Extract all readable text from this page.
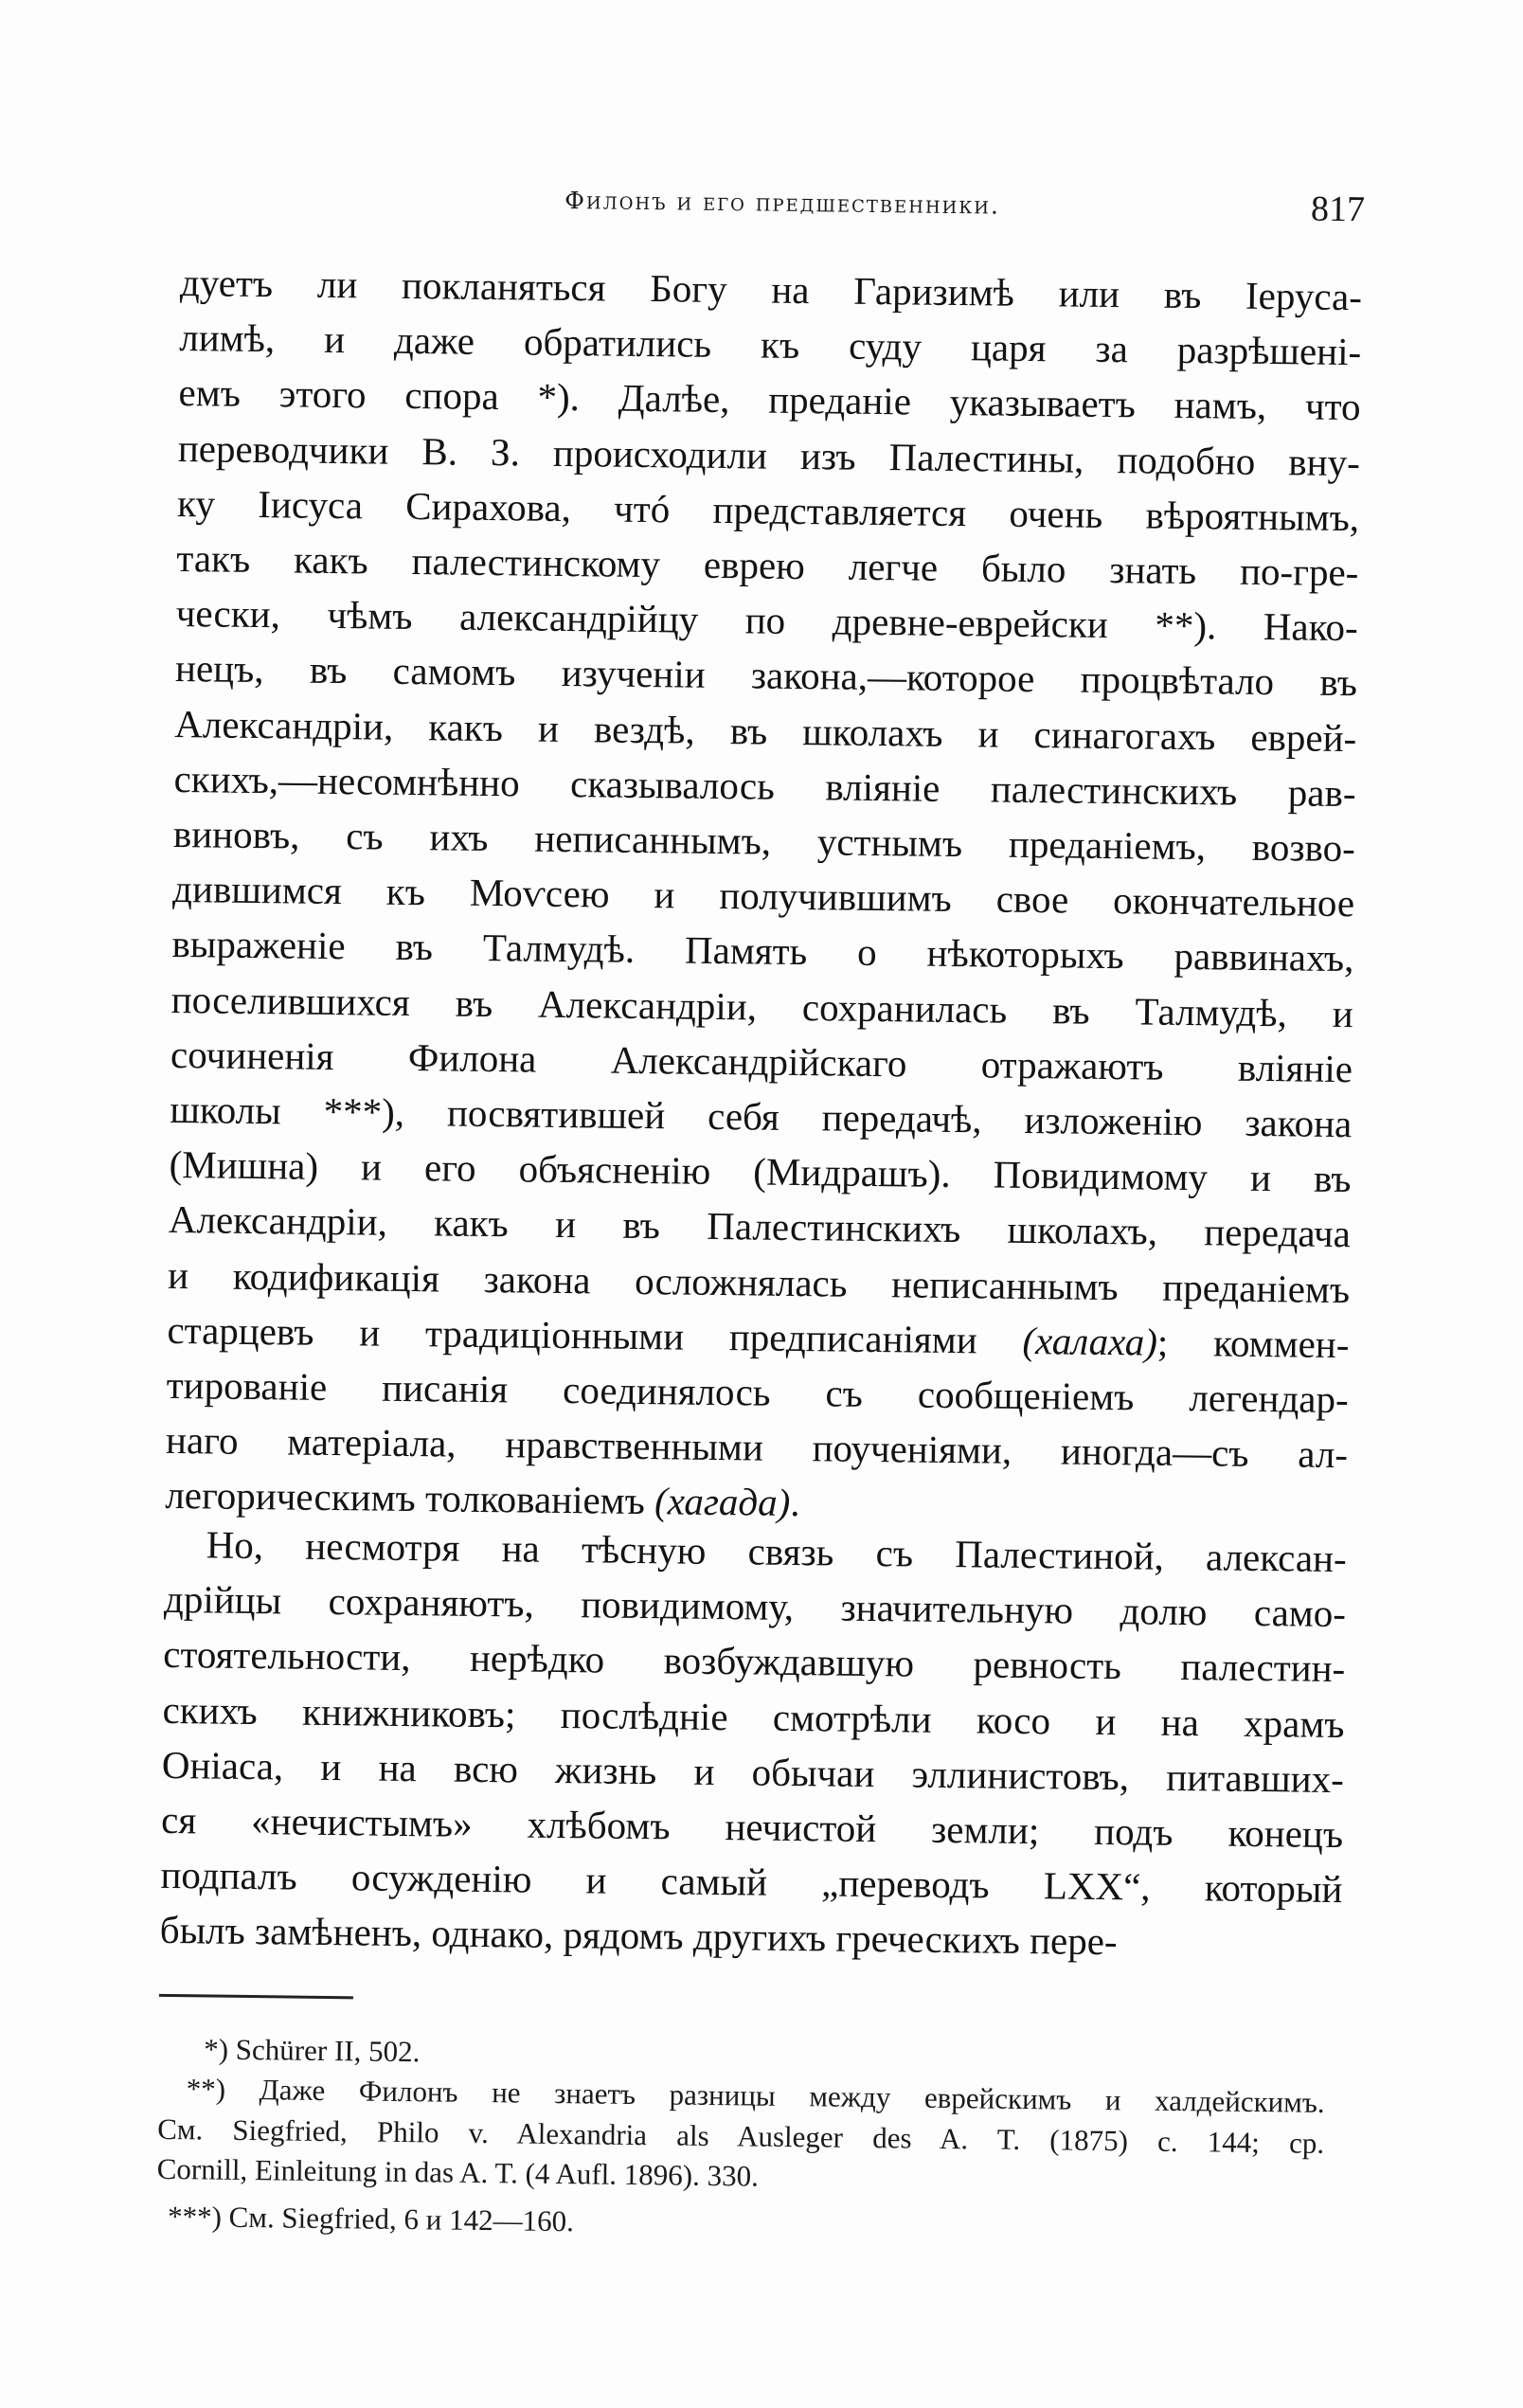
Филонъ и его предшественники.	817
дуетъ ли покланяться Богу на Гаризимѣ или въ Іеруса-
лимѣ, и даже обратились къ суду царя за разрѣшені-
емъ этого спора *). Далѣе, преданіе указываетъ намъ, что
переводчики В. З. происходили изъ Палестины, подобно вну-
ку Іисуса Сирахова, чтó представляется очень вѣроятнымъ,
такъ какъ палестинскому еврею легче было знать по-гре-
чески, чѣмъ александрійцу по древне-еврейски **). Нако-
нецъ, въ самомъ изученіи закона,—которое процвѣтало въ
Александріи, какъ и вездѣ, въ школахъ и синагогахъ еврей-
скихъ,—несомнѣнно сказывалось вліяніе палестинскихъ рав-
виновъ, съ ихъ неписаннымъ, устнымъ преданіемъ, возво-
дившимся къ Моѵсею и получившимъ свое окончательное
выраженіе въ Талмудѣ. Память о нѣкоторыхъ раввинахъ,
поселившихся въ Александріи, сохранилась въ Талмудѣ, и
сочиненія Филона Александрійскаго отражаютъ вліяніе
школы ***), посвятившей себя передачѣ, изложенію закона
(Мишна) и его объясненію (Мидрашъ). Повидимому и въ
Александріи, какъ и въ Палестинскихъ школахъ, передача
и кодификація закона осложнялась неписаннымъ преданіемъ
старцевъ и традиціонными предписаніями (халаха); коммен-
тированіе писанія соединялось съ сообщеніемъ легендар-
наго матеріала, нравственными поученіями, иногда—съ ал-
легорическимъ толкованіемъ (хагада).
Но, несмотря на тѣсную связь съ Палестиной, алексан-
дрійцы сохраняютъ, повидимому, значительную долю само-
стоятельности, нерѣдко возбуждавшую ревность палестин-
скихъ книжниковъ; послѣдніе смотрѣли косо и на храмъ
Оніаса, и на всю жизнь и обычаи эллинистовъ, питавших-
ся «нечистымъ» хлѣбомъ нечистой земли; подъ конецъ
подпалъ осужденію и самый „переводъ LXX“, который
былъ замѣненъ, однако, рядомъ другихъ греческихъ пере-
*) Schürer II, 502.
**) Даже Филонъ не знаетъ разницы между еврейскимъ и халдейскимъ.
См. Siegfried, Philo v. Alexandria als Ausleger des A. T. (1875) c. 144; cp.
Cornill, Einleitung in das A. T. (4 Aufl. 1896). 330.
***) См. Siegfried, 6 и 142—160.
